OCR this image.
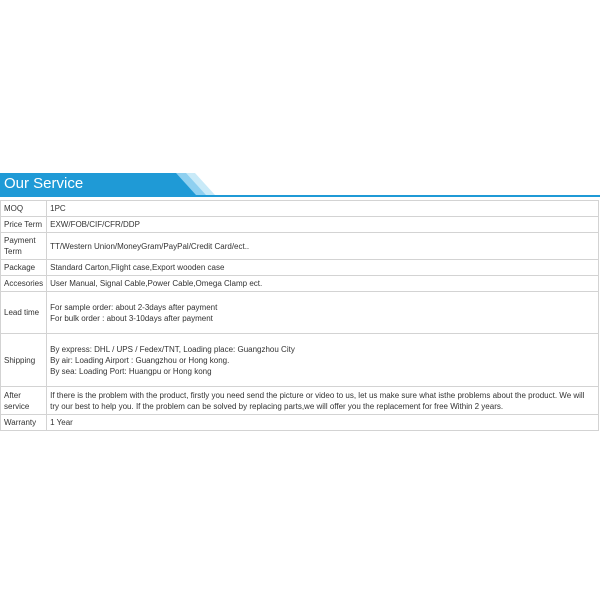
Our Service
MOQ	1PC

Price Term	EXW/FOB/CIF/CFR/DDP

Payment Term	TT/Western Union/MoneyGram/PayPal/Credit Card/ect..

Package	Standard Carton,Flight case,Export wooden case

Accesories	User Manual, Signal Cable,Power Cable,Omega Clamp ect.

Lead time	For sample order: about 2-3days after payment
For bulk order : about 3-10days after payment

Shipping	By express: DHL / UPS / Fedex/TNT, Loading place: Guangzhou City
By air: Loading Airport : Guangzhou or Hong kong.
By sea: Loading Port: Huangpu or Hong kong

After service	If there is the problem with the product, firstly you need send the picture or video to us, let us make sure what isthe problems about the product. We will try our best to help you. If the problem can be solved by replacing parts,we will offer you the replacement for free Within 2 years.

Warranty	1 Year
